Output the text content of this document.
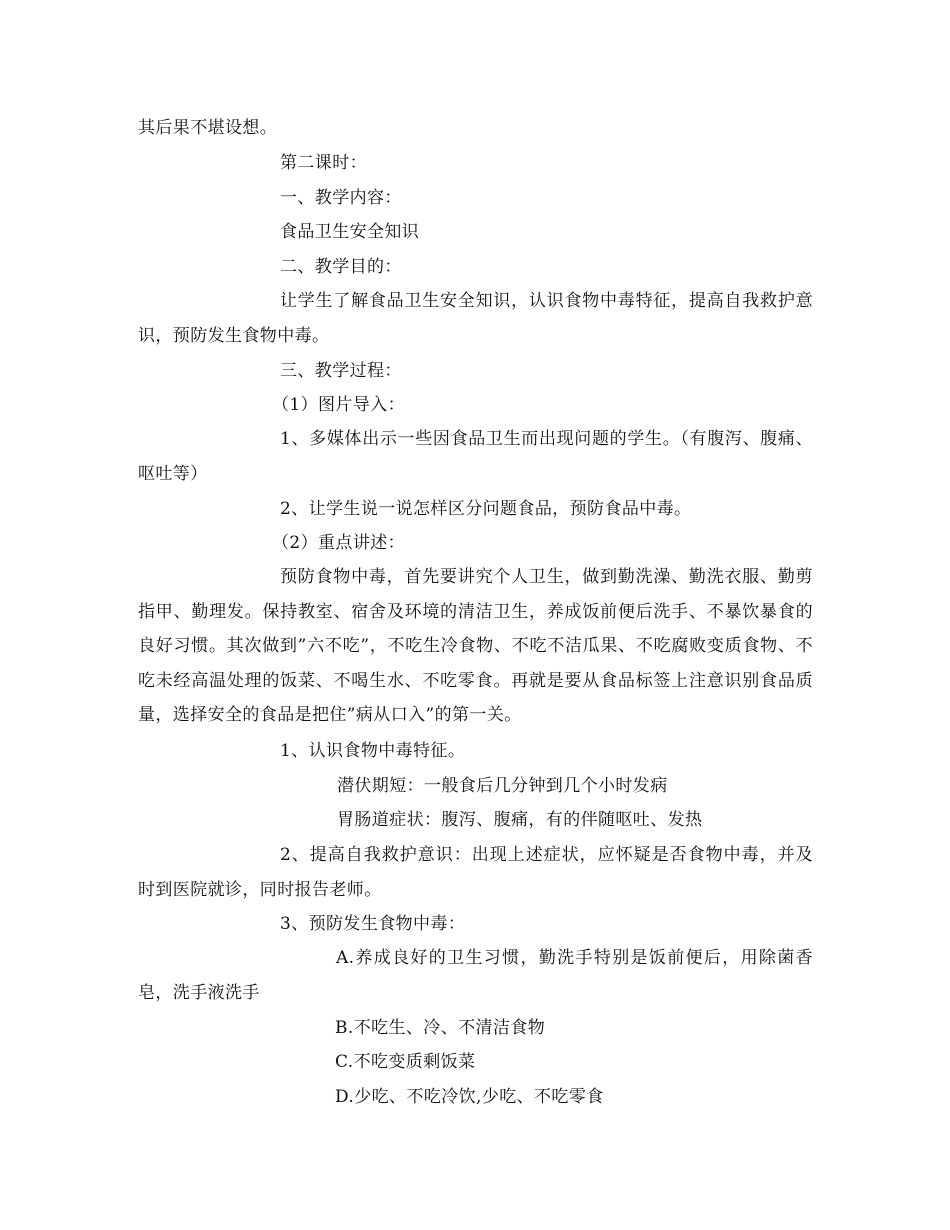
其后果不堪设想。
第二课时：
一、教学内容：
食品卫生安全知识
二、教学目的：
让学生了解食品卫生安全知识，认识食物中毒特征，提高自我救护意识，预防发生食物中毒。
三、教学过程：
（1）图片导入：
1、多媒体出示一些因食品卫生而出现问题的学生。（有腹泻、腹痛、呕吐等）
2、让学生说一说怎样区分问题食品，预防食品中毒。
（2）重点讲述：
预防食物中毒，首先要讲究个人卫生，做到勤洗澡、勤洗衣服、勤剪指甲、勤理发。保持教室、宿舍及环境的清洁卫生，养成饭前便后洗手、不暴饮暴食的良好习惯。其次做到”六不吃”，不吃生冷食物、不吃不洁瓜果、不吃腐败变质食物、不吃未经高温处理的饭菜、不喝生水、不吃零食。再就是要从食品标签上注意识别食品质量，选择安全的食品是把住”病从口入”的第一关。
1、认识食物中毒特征。
潜伏期短：一般食后几分钟到几个小时发病
胃肠道症状：腹泻、腹痛，有的伴随呕吐、发热
2、提高自我救护意识：出现上述症状，应怀疑是否食物中毒，并及时到医院就诊，同时报告老师。
3、预防发生食物中毒：
A.养成良好的卫生习惯，勤洗手特别是饭前便后，用除菌香皂，洗手液洗手
B.不吃生、冷、不清洁食物
C.不吃变质剩饭菜
D.少吃、不吃冷饮,少吃、不吃零食
